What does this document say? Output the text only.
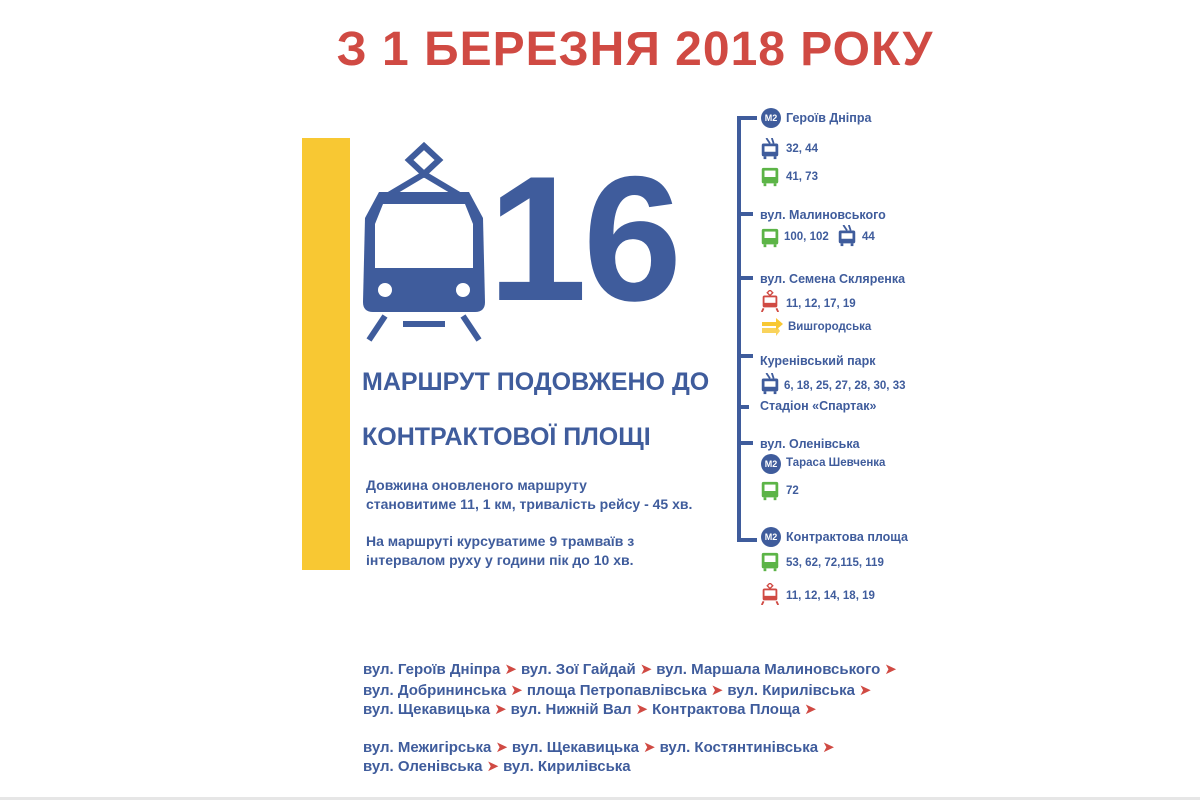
З 1 БЕРЕЗНЯ 2018 РОКУ
16
МАРШРУТ ПОДОВЖЕНО ДО
КОНТРАКТОВОЇ ПЛОЩІ
Довжина оновленого маршруту
становитиме 11, 1 км, тривалість рейсу - 45 хв.
На маршруті курсуватиме 9 трамваїв з
інтервалом руху у години пік до 10 хв.
M2 Героїв Дніпра
32, 44
41, 73
вул. Малиновського
100, 102	44
вул. Семена Скляренка
11, 12, 17, 19
Вишгородська
Куренівський парк
6, 18, 25, 27, 28, 30, 33
Стадіон «Спартак»
вул. Оленівська
M2 Тараса Шевченка
72
M2 Контрактова площа
53, 62, 72,115, 119
11, 12, 14, 18, 19
вул. Героїв Дніпра ➤ вул. Зої Гайдай ➤ вул. Маршала Малиновського ➤
вул. Добрининська ➤ площа Петропавлівська ➤ вул. Кирилівська ➤
вул. Щекавицька ➤ вул. Нижній Вал ➤ Контрактова Площа ➤
вул. Межигірська ➤ вул. Щекавицька ➤ вул. Костянтинівська ➤
вул. Оленівська ➤ вул. Кирилівська
